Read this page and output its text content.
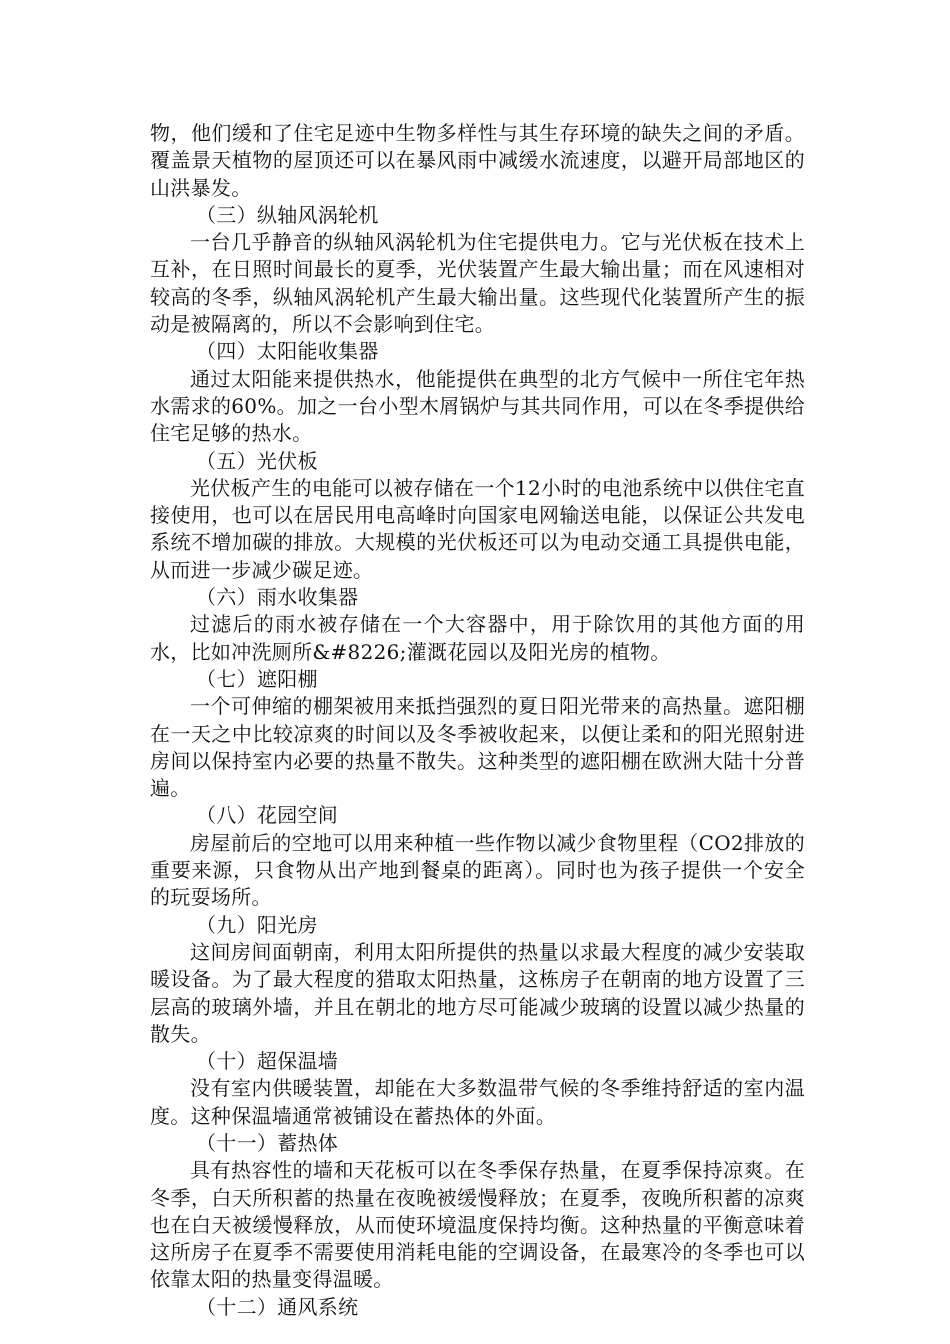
物，他们缓和了住宅足迹中生物多样性与其生存环境的缺失之间的矛盾。覆盖景天植物的屋顶还可以在暴风雨中减缓水流速度，以避开局部地区的山洪暴发。

（三）纵轴风涡轮机

一台几乎静音的纵轴风涡轮机为住宅提供电力。它与光伏板在技术上互补，在日照时间最长的夏季，光伏装置产生最大输出量；而在风速相对较高的冬季，纵轴风涡轮机产生最大输出量。这些现代化装置所产生的振动是被隔离的，所以不会影响到住宅。

（四）太阳能收集器

通过太阳能来提供热水，他能提供在典型的北方气候中一所住宅年热水需求的60%。加之一台小型木屑锅炉与其共同作用，可以在冬季提供给住宅足够的热水。

（五）光伏板

光伏板产生的电能可以被存储在一个12小时的电池系统中以供住宅直接使用，也可以在居民用电高峰时向国家电网输送电能，以保证公共发电系统不增加碳的排放。大规模的光伏板还可以为电动交通工具提供电能，从而进一步减少碳足迹。

（六）雨水收集器

过滤后的雨水被存储在一个大容器中，用于除饮用的其他方面的用水，比如冲洗厕所&#8226;灌溉花园以及阳光房的植物。

（七）遮阳棚

一个可伸缩的棚架被用来抵挡强烈的夏日阳光带来的高热量。遮阳棚在一天之中比较凉爽的时间以及冬季被收起来，以便让柔和的阳光照射进房间以保持室内必要的热量不散失。这种类型的遮阳棚在欧洲大陆十分普遍。

（八）花园空间

房屋前后的空地可以用来种植一些作物以减少食物里程（CO2排放的重要来源，只食物从出产地到餐桌的距离）。同时也为孩子提供一个安全的玩耍场所。

（九）阳光房

这间房间面朝南，利用太阳所提供的热量以求最大程度的减少安装取暖设备。为了最大程度的猎取太阳热量，这栋房子在朝南的地方设置了三层高的玻璃外墙，并且在朝北的地方尽可能减少玻璃的设置以减少热量的散失。

（十）超保温墙

没有室内供暖装置，却能在大多数温带气候的冬季维持舒适的室内温度。这种保温墙通常被铺设在蓄热体的外面。

（十一）蓄热体

具有热容性的墙和天花板可以在冬季保存热量，在夏季保持凉爽。在冬季，白天所积蓄的热量在夜晚被缓慢释放；在夏季，夜晚所积蓄的凉爽也在白天被缓慢释放，从而使环境温度保持均衡。这种热量的平衡意味着这所房子在夏季不需要使用消耗电能的空调设备，在最寒冷的冬季也可以依靠太阳的热量变得温暖。

（十二）通风系统
